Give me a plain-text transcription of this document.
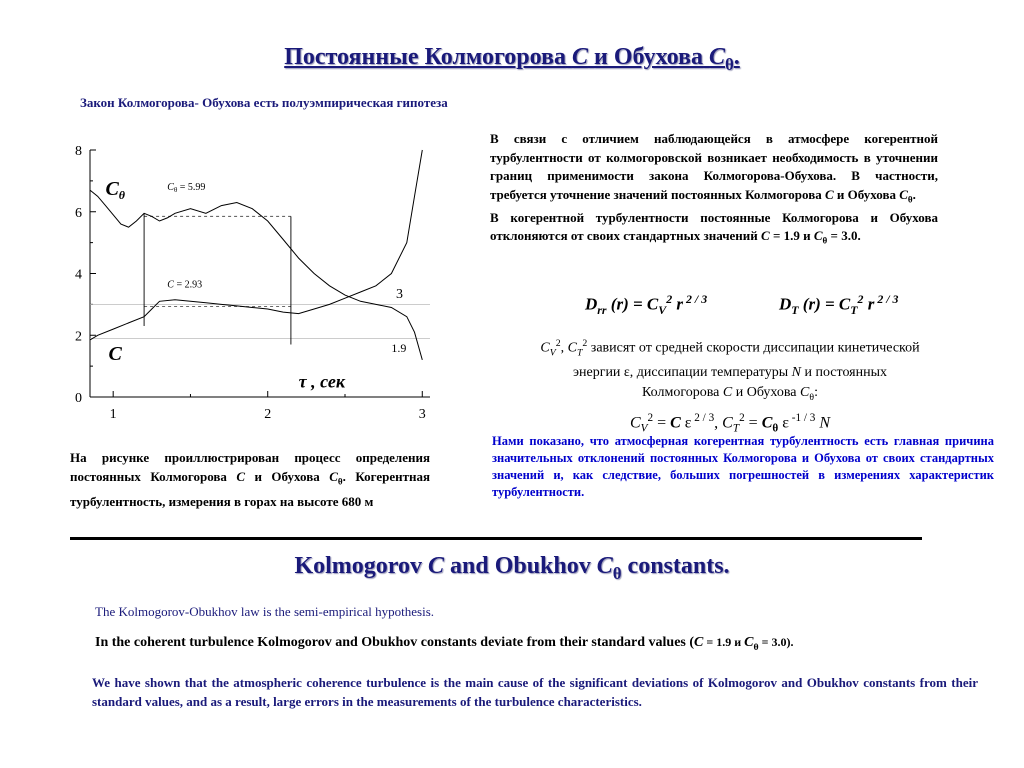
Постоянные Колмогорова C и Обухова $C_\theta$.
Закон Колмогорова- Обухова есть полуэмпирическая гипотеза
0
2
4
6
8
1	2	3
$C_\theta$
C
$C_\theta = 5.99$
C = 2.93
3
1.9
τ , сек

В связи с отличием наблюдающейся в атмосфере когерентной турбулентности от колмогоровской возникает необходимость в уточнении границ применимости закона Колмогорова-Обухова. В частности, требуется уточнение значений постоянных Колмогорова C и Обухова $C_\theta$.

В когерентной турбулентности постоянные Колмогорова и Обухова отклоняются от своих стандартных значений C = 1.9 и $C_\theta = 3.0$.

$D_{rr}$ $(r) = C_V^2$ r $^{2 / 3}$	$D_T$ $(r) = C_T^2$ r $^{2 / 3}$
$C_V^2$, $C_T^2$ зависят от средней скорости диссипации кинетической
энергии ε, диссипации температуры N и постоянных
Колмогорова C и Обухова $C_\theta$:
$C_V^2 = C$ ε $^{2 / 3}$, $C_T^2 = C_\theta$ ε $^{-1 / 3}$ N
Нами показано, что атмосферная когерентная турбулентность есть главная причина значительных отклонений постоянных Колмогорова и Обухова от своих стандартных значений и, как следствие, больших погрешностей в измерениях характеристик турбулентности.
На рисунке проиллюстрирован процесс определения постоянных Колмогорова C и Обухова $C_\theta$. Когерентная турбулентность, измерения в горах на высоте 680 м
Kolmogorov C and Obukhov $C_\theta$ constants.
The Kolmogorov-Obukhov law is the semi-empirical hypothesis.
In the coherent turbulence Kolmogorov and Obukhov constants deviate from their standard values (C = 1.9 и $C_\theta = 3.0$).
We have shown that the atmospheric coherence turbulence is the main cause of the significant deviations of Kolmogorov and Obukhov constants from their standard values, and as a result, large errors in the measurements of the turbulence characteristics.
